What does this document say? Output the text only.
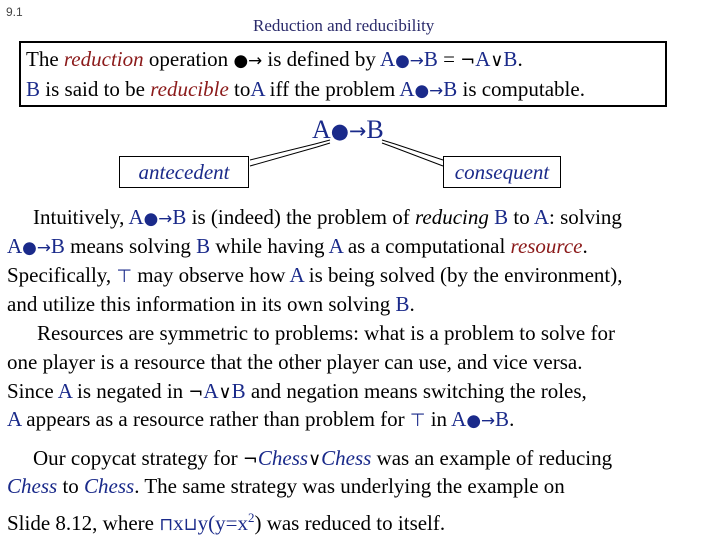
9.1
Reduction and reducibility
The reduction operation ●→ is defined by A●→B = ¬A∨B.
B is said to be reducible toA iff the problem A●→B is computable.
A●→B
antecedent	consequent
Intuitively, A●→B is (indeed) the problem of reducing B to A: solving
A●→B means solving B while having A as a computational resource.
Specifically, ⊤ may observe how A is being solved (by the environment),
and utilize this information in its own solving B.
Resources are symmetric to problems: what is a problem to solve for
one player is a resource that the other player can use, and vice versa.
Since A is negated in ¬A∨B and negation means switching the roles,
A appears as a resource rather than problem for ⊤ in A●→B.
Our copycat strategy for ¬Chess∨Chess was an example of reducing
Chess to Chess. The same strategy was underlying the example on
Slide 8.12, where $⊓x⊔y(y=x^2)$ was reduced to itself.
